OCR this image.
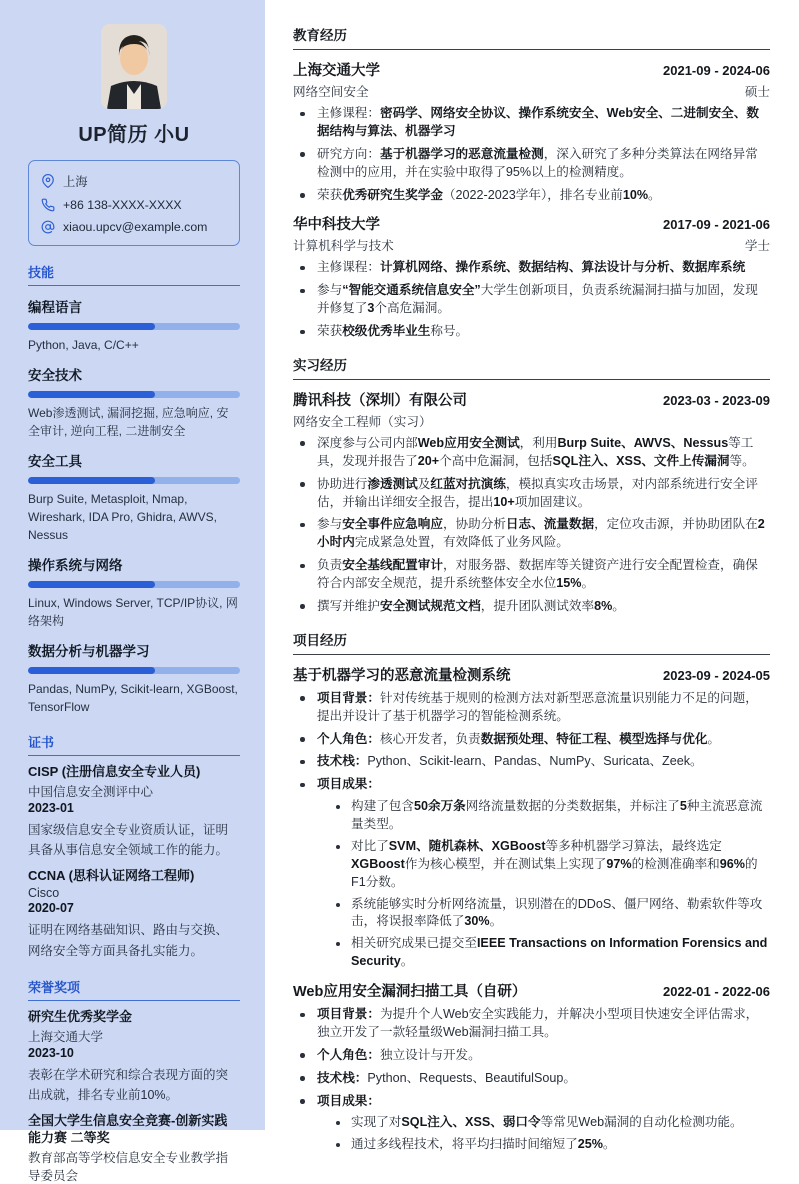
UP简历 小U
上海
+86 138-XXXX-XXXX
xiaou.upcv@example.com
技能
编程语言
Python, Java, C/C++
安全技术
Web渗透测试, 漏洞挖掘, 应急响应, 安全审计, 逆向工程, 二进制安全
安全工具
Burp Suite, Metasploit, Nmap, Wireshark, IDA Pro, Ghidra, AWVS, Nessus
操作系统与网络
Linux, Windows Server, TCP/IP协议, 网络架构
数据分析与机器学习
Pandas, NumPy, Scikit-learn, XGBoost, TensorFlow
证书
CISP (注册信息安全专业人员)
中国信息安全测评中心
2023-01
国家级信息安全专业资质认证，证明具备从事信息安全领域工作的能力。
CCNA (思科认证网络工程师)
Cisco
2020-07
证明在网络基础知识、路由与交换、网络安全等方面具备扎实能力。
荣誉奖项
研究生优秀奖学金
上海交通大学
2023-10
表彰在学术研究和综合表现方面的突出成就，排名专业前10%。
全国大学生信息安全竞赛-创新实践能力赛 二等奖
教育部高等学校信息安全专业教学指导委员会
教育经历
上海交通大学	2021-09 - 2024-06
网络空间安全	硕士
主修课程：密码学、网络安全协议、操作系统安全、Web安全、二进制安全、数据结构与算法、机器学习
研究方向：基于机器学习的恶意流量检测，深入研究了多种分类算法在网络异常检测中的应用，并在实验中取得了95%以上的检测精度。
荣获优秀研究生奖学金（2022-2023学年），排名专业前10%。
华中科技大学	2017-09 - 2021-06
计算机科学与技术	学士
主修课程：计算机网络、操作系统、数据结构、算法设计与分析、数据库系统
参与“智能交通系统信息安全”大学生创新项目，负责系统漏洞扫描与加固，发现并修复了3个高危漏洞。
荣获校级优秀毕业生称号。
实习经历
腾讯科技（深圳）有限公司	2023-03 - 2023-09
网络安全工程师（实习）
深度参与公司内部Web应用安全测试，利用Burp Suite、AWVS、Nessus等工具，发现并报告了20+个高中危漏洞，包括SQL注入、XSS、文件上传漏洞等。
协助进行渗透测试及红蓝对抗演练，模拟真实攻击场景，对内部系统进行安全评估，并输出详细安全报告，提出10+项加固建议。
参与安全事件应急响应，协助分析日志、流量数据，定位攻击源，并协助团队在2小时内完成紧急处置，有效降低了业务风险。
负责安全基线配置审计，对服务器、数据库等关键资产进行安全配置检查，确保符合内部安全规范，提升系统整体安全水位15%。
撰写并维护安全测试规范文档，提升团队测试效率8%。
项目经历
基于机器学习的恶意流量检测系统	2023-09 - 2024-05
项目背景：针对传统基于规则的检测方法对新型恶意流量识别能力不足的问题，提出并设计了基于机器学习的智能检测系统。
个人角色：核心开发者，负责数据预处理、特征工程、模型选择与优化。
技术栈：Python、Scikit-learn、Pandas、NumPy、Suricata、Zeek。
项目成果：
构建了包含50余万条网络流量数据的分类数据集，并标注了5种主流恶意流量类型。
对比了SVM、随机森林、XGBoost等多种机器学习算法，最终选定XGBoost作为核心模型，并在测试集上实现了97%的检测准确率和96%的F1分数。
系统能够实时分析网络流量，识别潜在的DDoS、僵尸网络、勒索软件等攻击，将误报率降低了30%。
相关研究成果已提交至IEEE Transactions on Information Forensics and Security。
Web应用安全漏洞扫描工具（自研）	2022-01 - 2022-06
项目背景：为提升个人Web安全实践能力，并解决小型项目快速安全评估需求，独立开发了一款轻量级Web漏洞扫描工具。
个人角色：独立设计与开发。
技术栈：Python、Requests、BeautifulSoup。
项目成果：
实现了对SQL注入、XSS、弱口令等常见Web漏洞的自动化检测功能。
通过多线程技术，将平均扫描时间缩短了25%。
